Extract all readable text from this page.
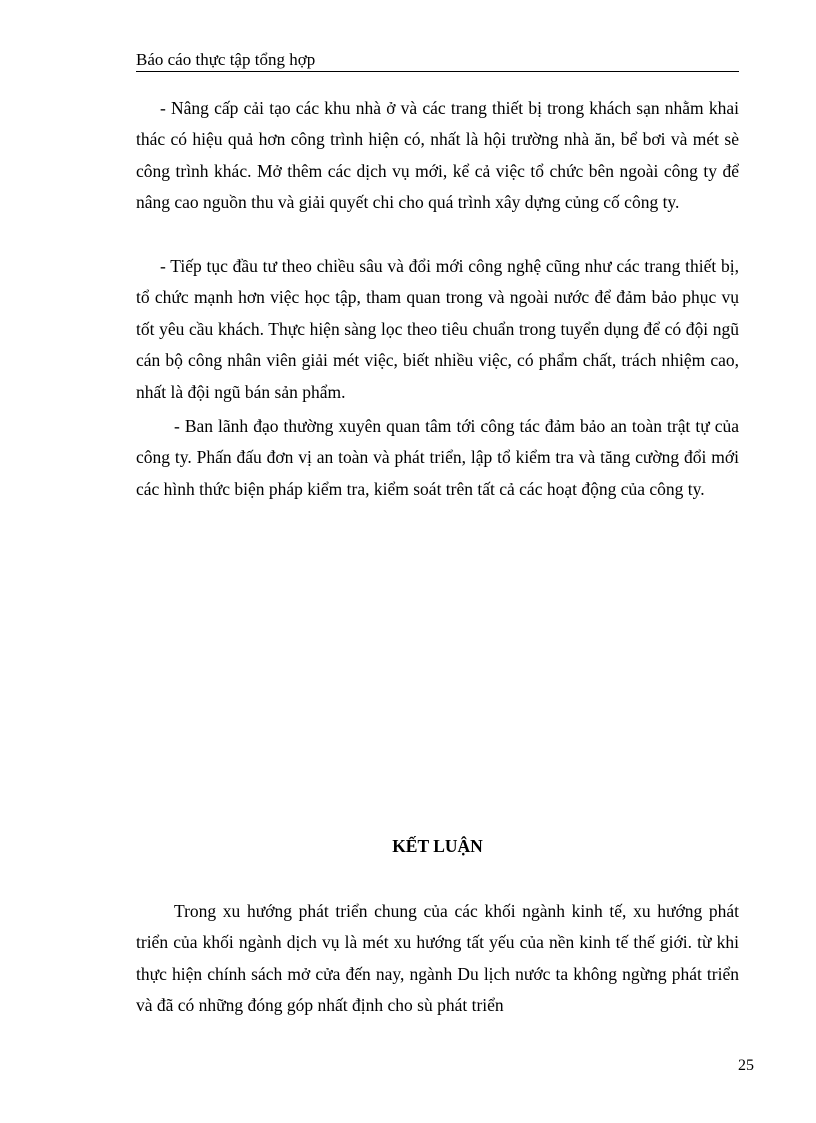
Báo cáo thực tập tổng hợp

- Nâng cấp cải tạo các khu nhà ở và các trang thiết bị trong khách sạn nhằm khai thác có hiệu quả hơn công trình hiện có, nhất là hội trường nhà ăn, bể bơi và mét sè công trình khác. Mở thêm các dịch vụ mới, kể cả việc tổ chức bên ngoài công ty để nâng cao nguồn thu và giải quyết chi cho quá trình xây dựng củng cố công ty.

- Tiếp tục đầu tư theo chiều sâu và đổi mới công nghệ cũng như các trang thiết bị, tổ chức mạnh hơn việc học tập, tham quan trong và ngoài nước để đảm bảo phục vụ tốt yêu cầu khách. Thực hiện sàng lọc theo tiêu chuẩn trong tuyển dụng để có đội ngũ cán bộ công nhân viên giải mét việc, biết nhiều việc, có phẩm chất, trách nhiệm cao, nhất là đội ngũ bán sản phẩm.

- Ban lãnh đạo thường xuyên quan tâm tới công tác đảm bảo an toàn trật tự của công ty. Phấn đấu đơn vị an toàn và phát triển, lập tổ kiểm tra và tăng cường đổi mới các hình thức biện pháp kiểm tra, kiểm soát trên tất cả các hoạt động của công ty.

KẾT LUẬN

Trong xu hướng phát triển chung của các khối ngành kinh tế, xu hướng phát triển của khối ngành dịch vụ là mét xu hướng tất yếu của nền kinh tế thế giới. từ khi thực hiện chính sách mở cửa đến nay, ngành Du lịch nước ta không ngừng phát triển và đã có những đóng góp nhất định cho sù phát triển

25
